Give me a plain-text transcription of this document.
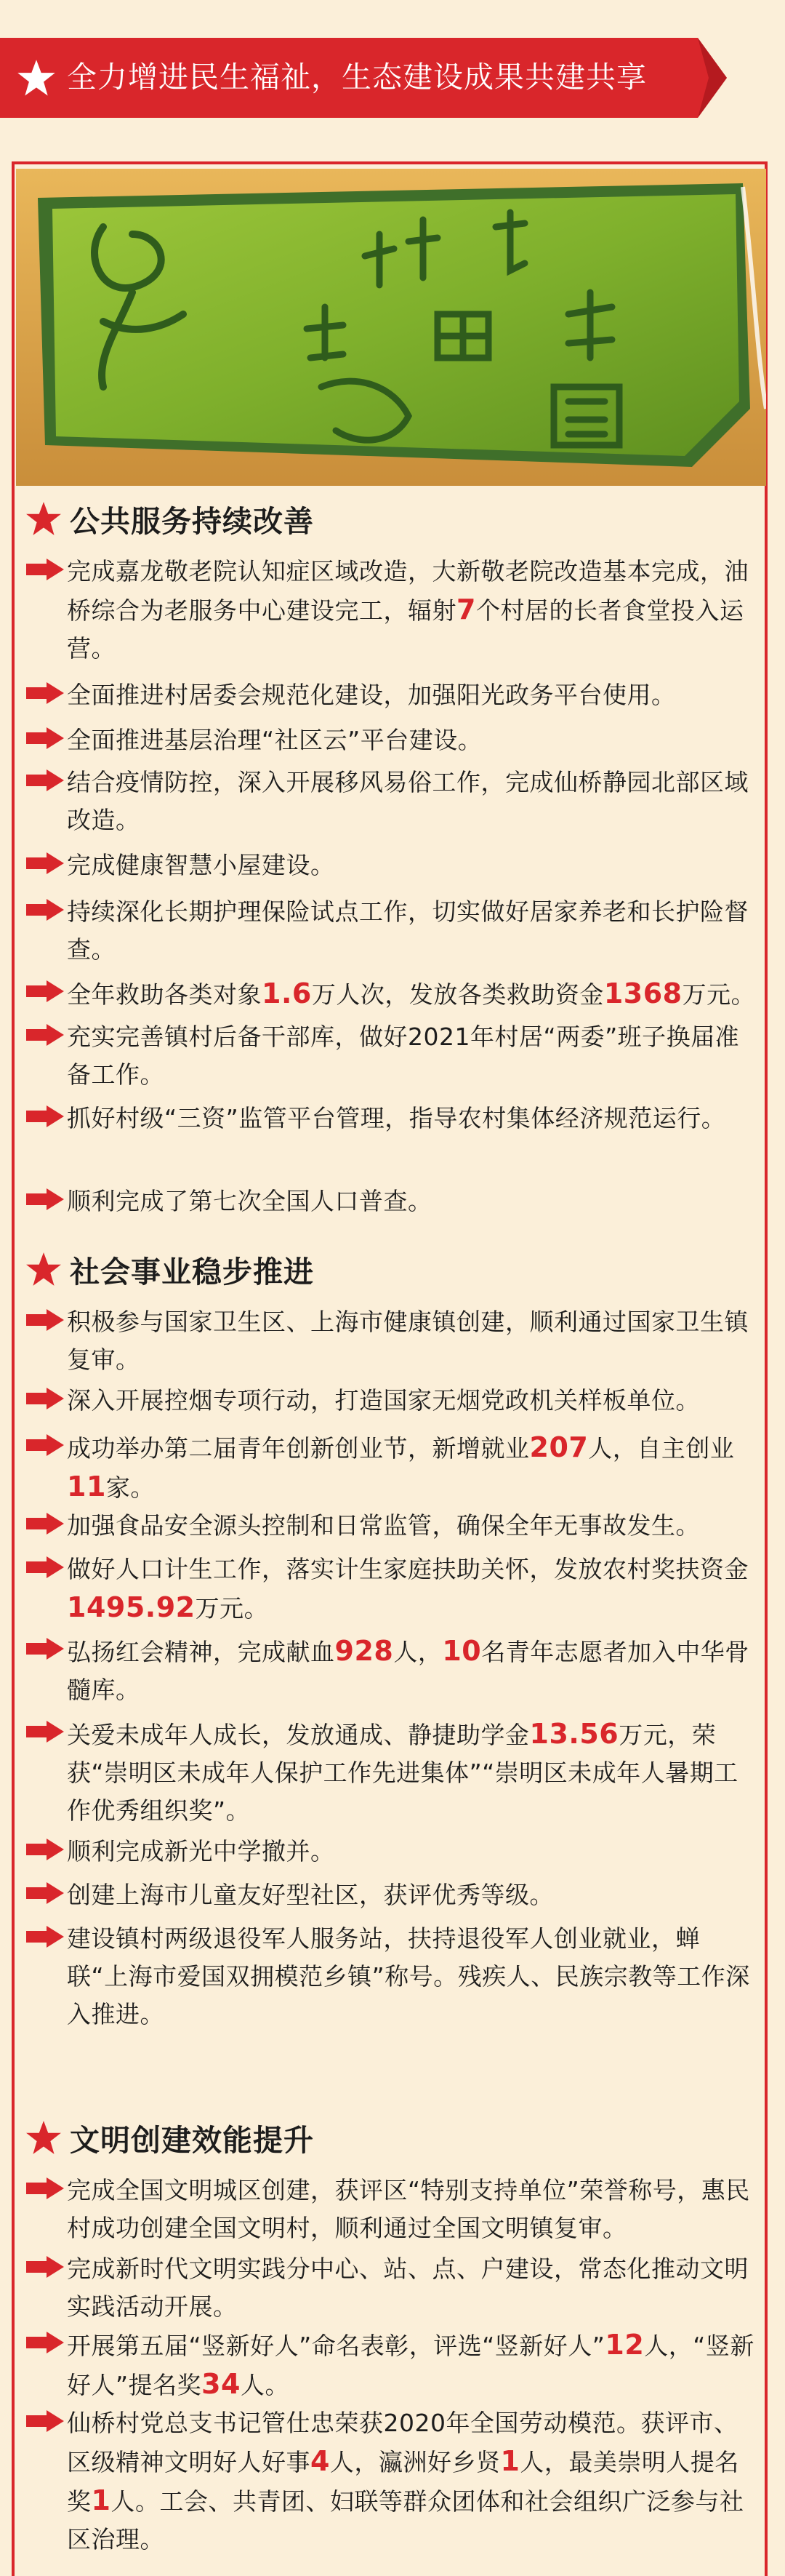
全力增进民生福祉，生态建设成果共建共享
公共服务持续改善
完成嘉龙敬老院认知症区域改造，大新敬老院改造基本完成，油桥综合为老服务中心建设完工，辐射7个村居的长者食堂投入运营。
全面推进村居委会规范化建设，加强阳光政务平台使用。
全面推进基层治理“社区云”平台建设。
结合疫情防控，深入开展移风易俗工作，完成仙桥静园北部区域改造。
完成健康智慧小屋建设。
持续深化长期护理保险试点工作，切实做好居家养老和长护险督查。
全年救助各类对象1.6万人次，发放各类救助资金1368万元。
充实完善镇村后备干部库，做好2021年村居“两委”班子换届准备工作。
抓好村级“三资”监管平台管理，指导农村集体经济规范运行。
顺利完成了第七次全国人口普查。
社会事业稳步推进
积极参与国家卫生区、上海市健康镇创建，顺利通过国家卫生镇复审。
深入开展控烟专项行动，打造国家无烟党政机关样板单位。
成功举办第二届青年创新创业节，新增就业207人，自主创业11家。
加强食品安全源头控制和日常监管，确保全年无事故发生。
做好人口计生工作，落实计生家庭扶助关怀，发放农村奖扶资金1495.92万元。
弘扬红会精神，完成献血928人，10名青年志愿者加入中华骨髓库。
关爱未成年人成长，发放通成、静捷助学金13.56万元，荣获“崇明区未成年人保护工作先进集体”“崇明区未成年人暑期工作优秀组织奖”。
顺利完成新光中学撤并。
创建上海市儿童友好型社区，获评优秀等级。
建设镇村两级退役军人服务站，扶持退役军人创业就业，蝉联“上海市爱国双拥模范乡镇”称号。残疾人、民族宗教等工作深入推进。
文明创建效能提升
完成全国文明城区创建，获评区“特别支持单位”荣誉称号，惠民村成功创建全国文明村，顺利通过全国文明镇复审。
完成新时代文明实践分中心、站、点、户建设，常态化推动文明实践活动开展。
开展第五届“竖新好人”命名表彰，评选“竖新好人”12人，“竖新好人”提名奖34人。
仙桥村党总支书记管仕忠荣获2020年全国劳动模范。获评市、区级精神文明好人好事4人，瀛洲好乡贤1人，最美崇明人提名奖1人。工会、共青团、妇联等群众团体和社会组织广泛参与社区治理。
